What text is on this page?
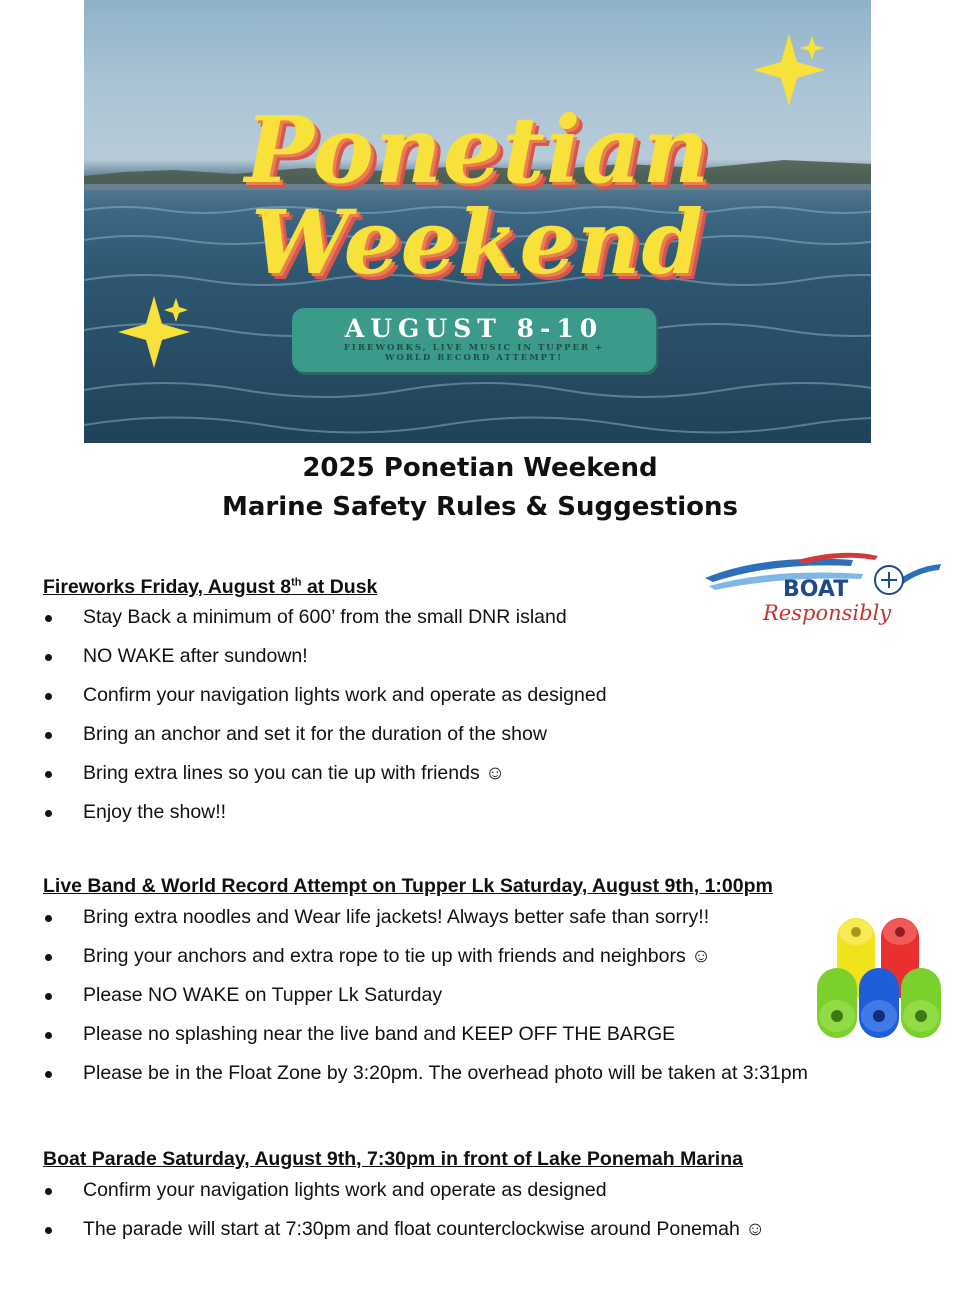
Ponetian
Weekend
AUGUST 8-10
FIREWORKS, LIVE MUSIC IN TUPPER +
WORLD RECORD ATTEMPT!
2025 Ponetian Weekend
Marine Safety Rules & Suggestions
BOAT
Responsibly
Fireworks Friday, August 8th at Dusk
Stay Back a minimum of 600’ from the small DNR island
NO WAKE after sundown!
Confirm your navigation lights work and operate as designed
Bring an anchor and set it for the duration of the show
Bring extra lines so you can tie up with friends ☺
Enjoy the show!!
Live Band & World Record Attempt on Tupper Lk Saturday, August 9th, 1:00pm
Bring extra noodles and Wear life jackets! Always better safe than sorry!!
Bring your anchors and extra rope to tie up with friends and neighbors ☺
Please NO WAKE on Tupper Lk Saturday
Please no splashing near the live band and KEEP OFF THE BARGE
Please be in the Float Zone by 3:20pm. The overhead photo will be taken at 3:31pm
Boat Parade Saturday, August 9th, 7:30pm in front of Lake Ponemah Marina
Confirm your navigation lights work and operate as designed
The parade will start at 7:30pm and float counterclockwise around Ponemah ☺
